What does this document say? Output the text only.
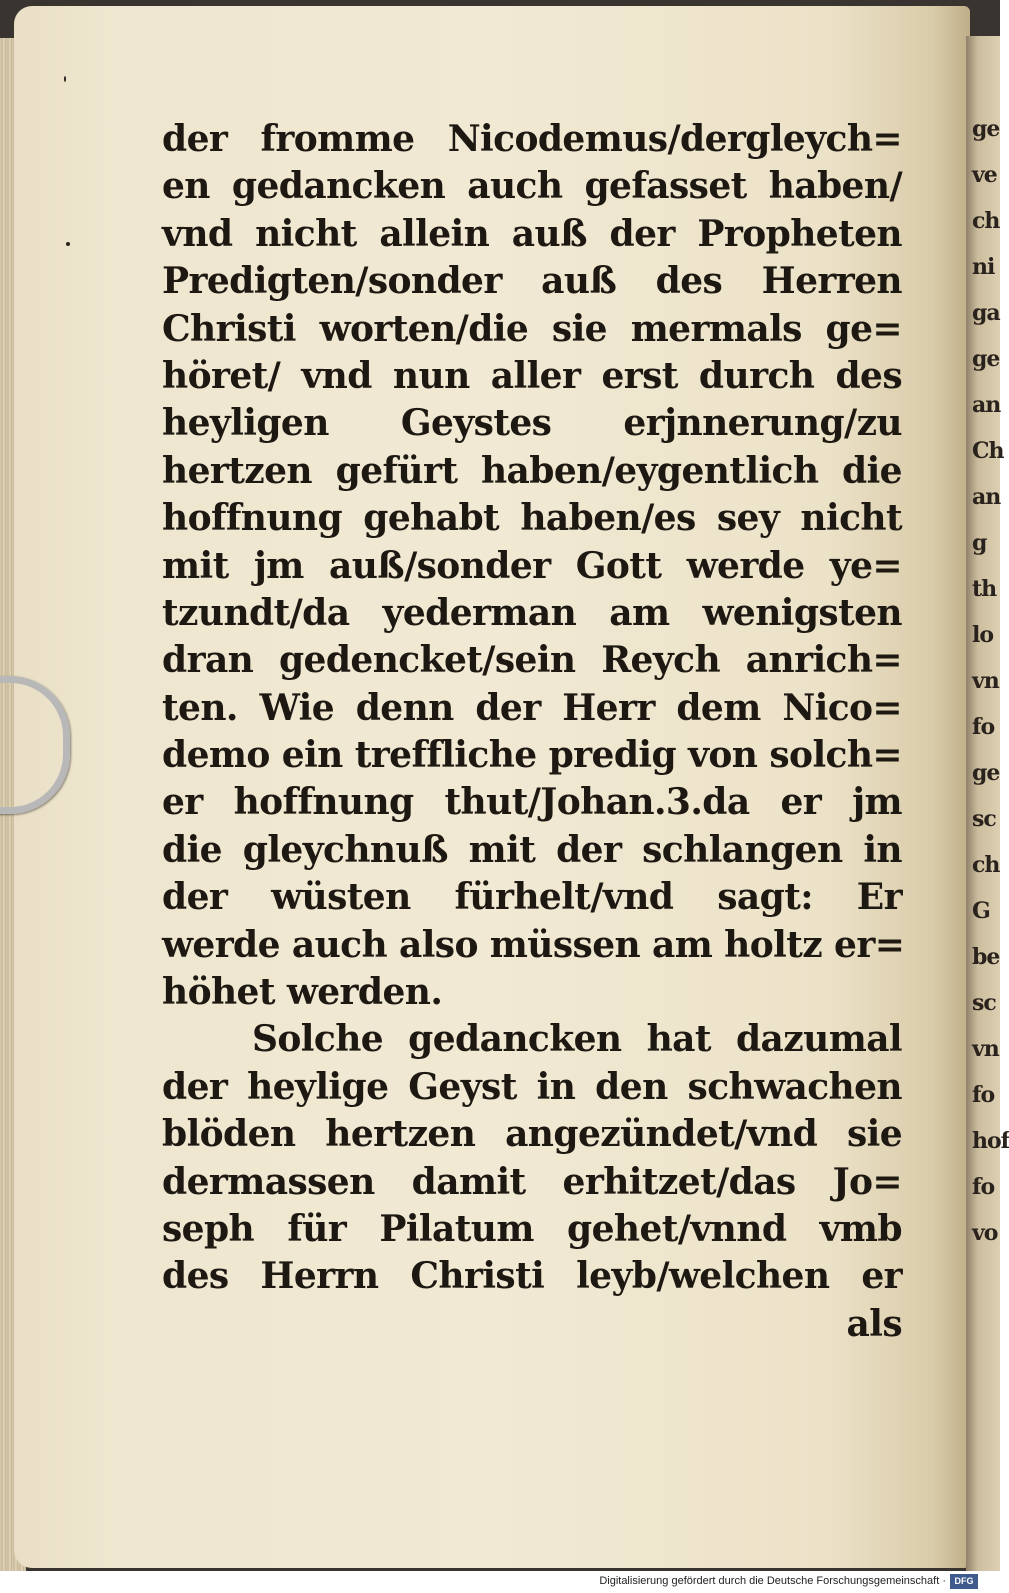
der fromme Nicodemus/dergleych=
en gedancken auch gefasset haben/
vnd nicht allein auß der Propheten
Predigten/sonder auß des Herren
Christi worten/die sie mermals ge=
höret/ vnd nun aller erst durch des
heyligen Geystes erjnnerung/zu
hertzen gefürt haben/eygentlich die
hoffnung gehabt haben/es sey nicht
mit jm auß/sonder Gott werde ye=
tzundt/da yederman am wenigsten
dran gedencket/sein Reych anrich=
ten. Wie denn der Herr dem Nico=
demo ein treffliche predig von solch=
er hoffnung thut/Johan.3.da er jm
die gleychnuß mit der schlangen in
der wüsten fürhelt/vnd sagt: Er
werde auch also müssen am holtz er=
höhet werden.
Solche gedancken hat dazumal
der heylige Geyst in den schwachen
blöden hertzen angezündet/vnd sie
dermassen damit erhitzet/das Jo=
seph für Pilatum gehet/vnnd vmb
des Herrn Christi leyb/welchen er
als
ge
ve
ch
ni
ga
ge
an
Ch
an
g
th
lo
vn
fo
ge
sc
ch
G
be
sc
vn
fo
hof
fo
vo
Digitalisierung gefördert durch die Deutsche Forschungsgemeinschaft · DFG
